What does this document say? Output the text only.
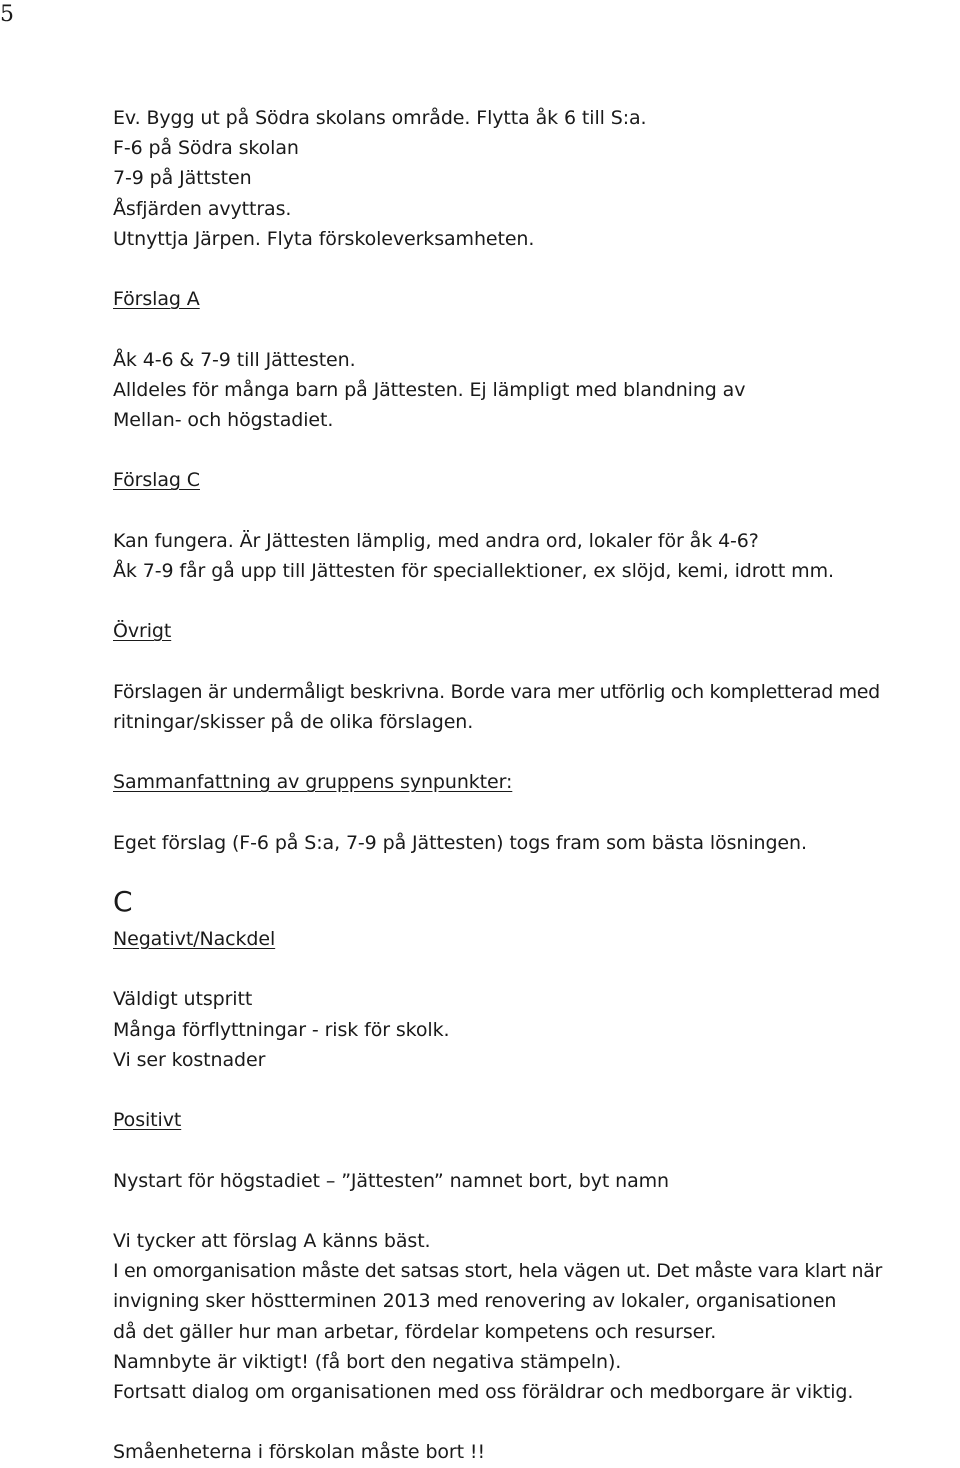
5
Ev. Bygg ut på Södra skolans område. Flytta åk 6 till S:a.
F-6 på Södra skolan
7-9 på Jättsten
Åsfjärden avyttras.
Utnyttja Järpen. Flyta förskoleverksamheten.
Förslag A
Åk 4-6 & 7-9 till Jättesten.
Alldeles för många barn på Jättesten. Ej lämpligt med blandning av
Mellan- och högstadiet.
Förslag C
Kan fungera. Är Jättesten lämplig, med andra ord, lokaler för åk 4-6?
Åk 7-9 får gå upp till Jättesten för speciallektioner, ex slöjd, kemi, idrott mm.
Övrigt
Förslagen är undermåligt beskrivna. Borde vara mer utförlig och kompletterad med
ritningar/skisser på de olika förslagen.
Sammanfattning av gruppens synpunkter:
Eget förslag (F-6 på S:a, 7-9 på Jättesten) togs fram som bästa lösningen.
C
Negativt/Nackdel
Väldigt utspritt
Många förflyttningar - risk för skolk.
Vi ser kostnader
Positivt
Nystart för högstadiet – ”Jättesten” namnet bort, byt namn
Vi tycker att förslag A känns bäst.
I en omorganisation måste det satsas stort, hela vägen ut. Det måste vara klart när
invigning sker höstterminen 2013 med renovering av lokaler, organisationen
då det gäller hur man arbetar, fördelar kompetens och resurser.
Namnbyte är viktigt! (få bort den negativa stämpeln).
Fortsatt dialog om organisationen med oss föräldrar och medborgare är viktig.
Småenheterna i förskolan måste bort !!
